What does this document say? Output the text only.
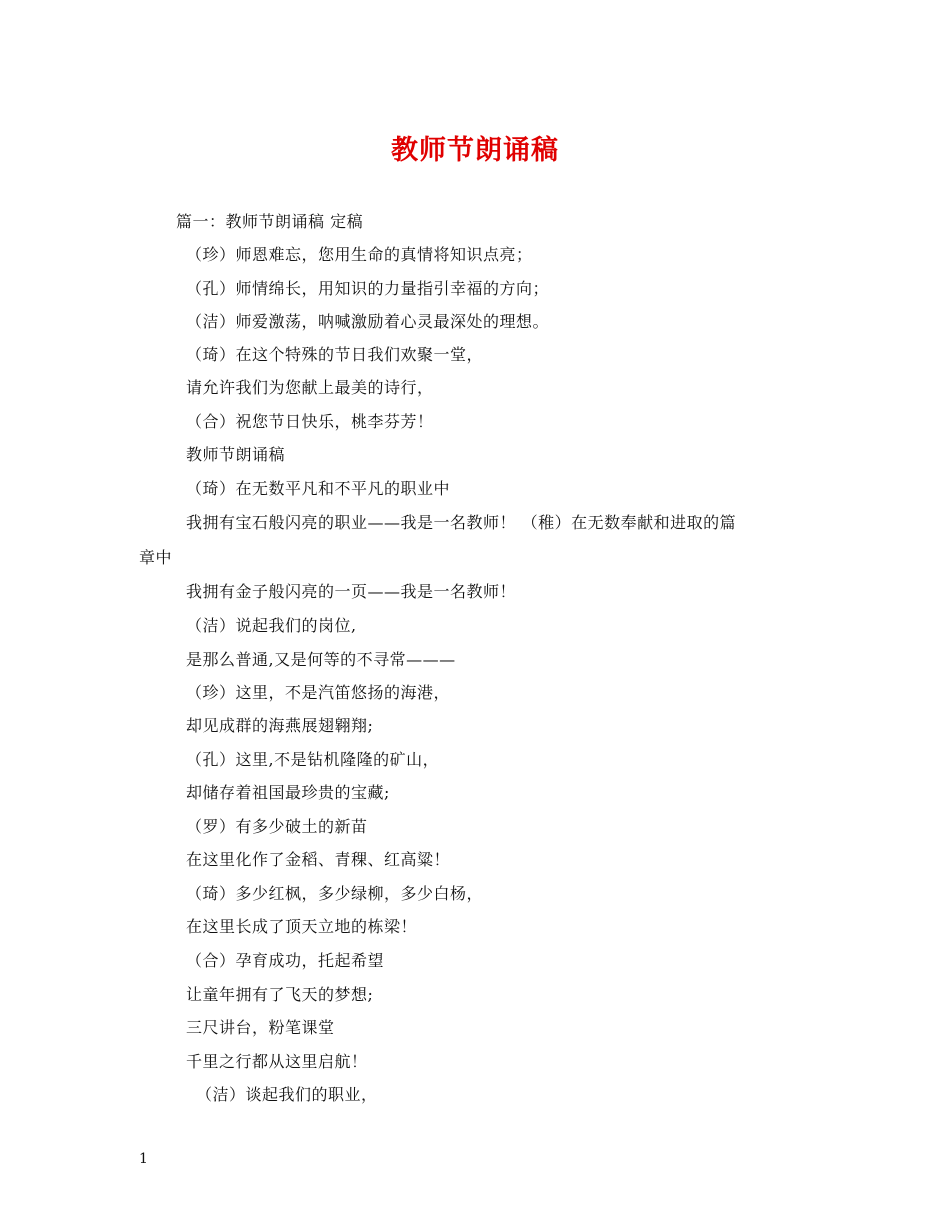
教师节朗诵稿
篇一：教师节朗诵稿 定稿
（珍）师恩难忘，您用生命的真情将知识点亮；
（孔）师情绵长，用知识的力量指引幸福的方向；
（洁）师爱激荡，呐喊激励着心灵最深处的理想。
（琦）在这个特殊的节日我们欢聚一堂，
请允许我们为您献上最美的诗行，
（合）祝您节日快乐，桃李芬芳！
教师节朗诵稿
（琦）在无数平凡和不平凡的职业中
我拥有宝石般闪亮的职业——我是一名教师！ （稚）在无数奉献和进取的篇
章中
我拥有金子般闪亮的一页——我是一名教师！
（洁）说起我们的岗位,
是那么普通,又是何等的不寻常———
（珍）这里，不是汽笛悠扬的海港，
却见成群的海燕展翅翱翔;
（孔）这里,不是钻机隆隆的矿山，
却储存着祖国最珍贵的宝藏;
（罗）有多少破土的新苗
在这里化作了金稻、青稞、红高粱！
（琦）多少红枫，多少绿柳，多少白杨，
在这里长成了顶天立地的栋梁！
（合）孕育成功，托起希望
让童年拥有了飞天的梦想;
三尺讲台，粉笔课堂
千里之行都从这里启航！
（洁）谈起我们的职业，
1
